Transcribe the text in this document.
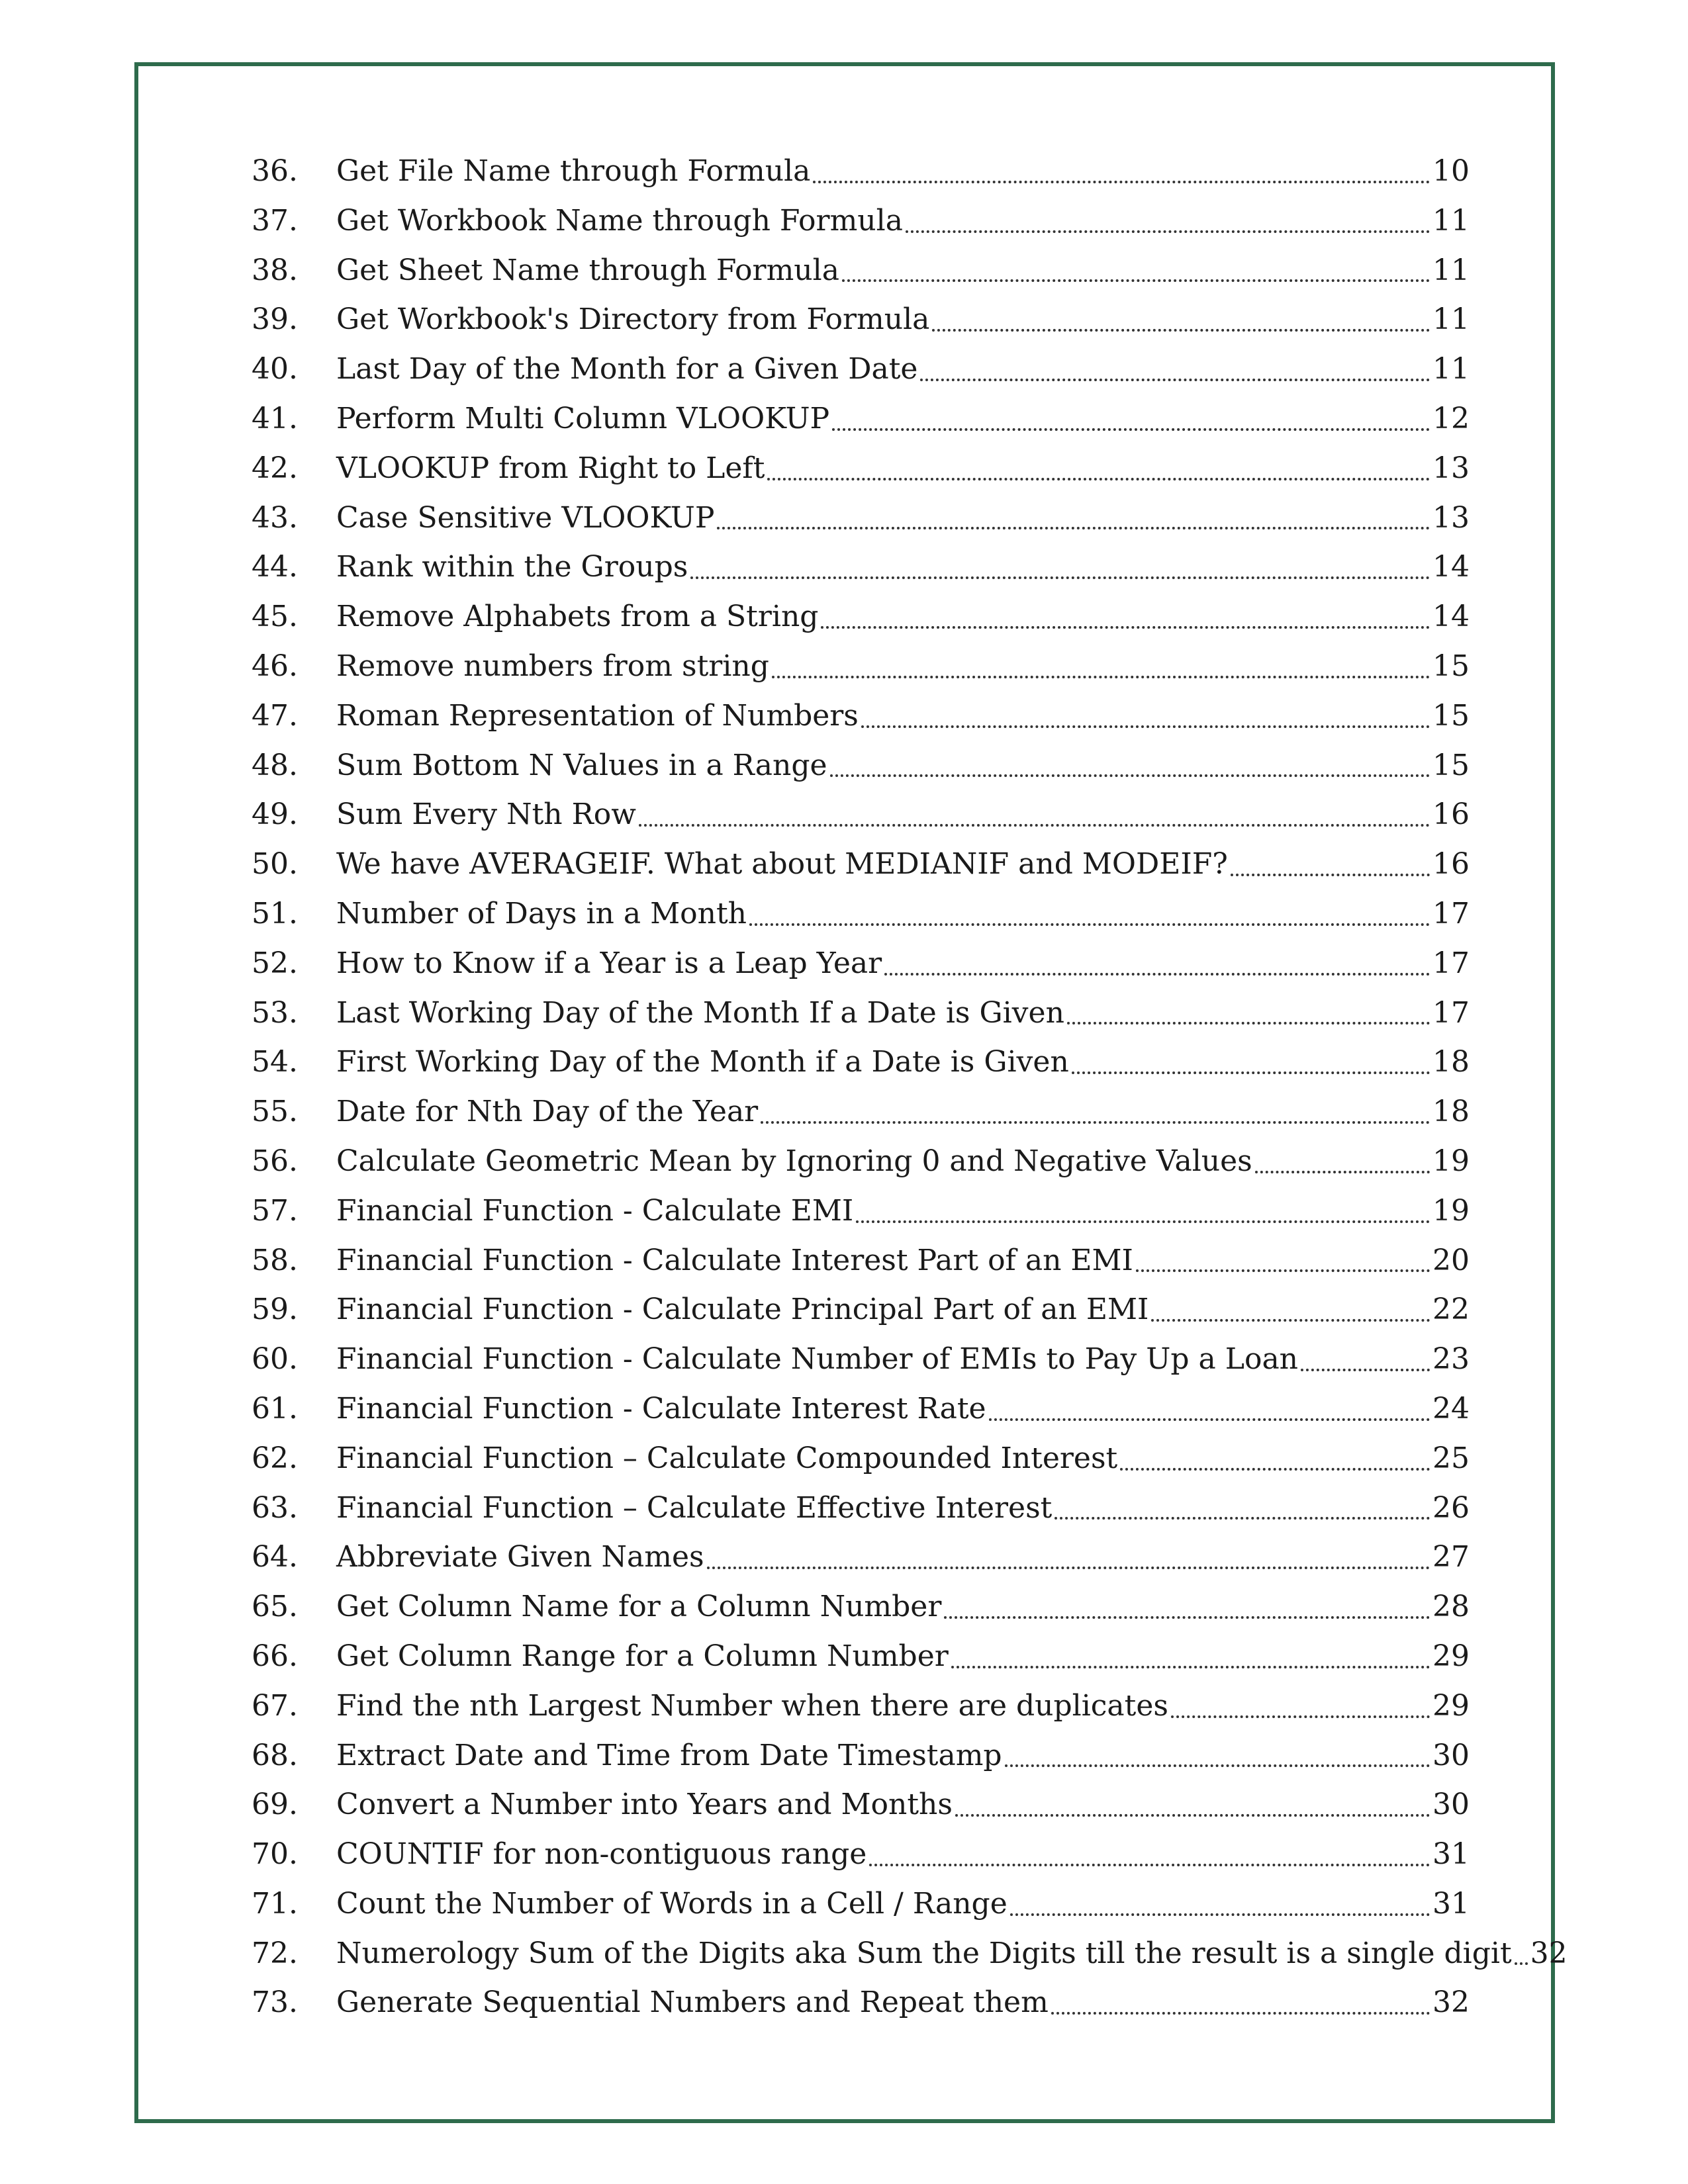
36.	Get File Name through Formula	10
37.	Get Workbook Name through Formula	11
38.	Get Sheet Name through Formula	11
39.	Get Workbook's Directory from Formula	11
40.	Last Day of the Month for a Given Date	11
41.	Perform Multi Column VLOOKUP	12
42.	VLOOKUP from Right to Left	13
43.	Case Sensitive VLOOKUP	13
44.	Rank within the Groups	14
45.	Remove Alphabets from a String	14
46.	Remove numbers from string	15
47.	Roman Representation of Numbers	15
48.	Sum Bottom N Values in a Range	15
49.	Sum Every Nth Row	16
50.	We have AVERAGEIF. What about MEDIANIF and MODEIF?	16
51.	Number of Days in a Month	17
52.	How to Know if a Year is a Leap Year	17
53.	Last Working Day of the Month If a Date is Given	17
54.	First Working Day of the Month if a Date is Given	18
55.	Date for Nth Day of the Year	18
56.	Calculate Geometric Mean by Ignoring 0 and Negative Values	19
57.	Financial Function - Calculate EMI	19
58.	Financial Function - Calculate Interest Part of an EMI	20
59.	Financial Function - Calculate Principal Part of an EMI	22
60.	Financial Function - Calculate Number of EMIs to Pay Up a Loan	23
61.	Financial Function - Calculate Interest Rate	24
62.	Financial Function – Calculate Compounded Interest	25
63.	Financial Function – Calculate Effective Interest	26
64.	Abbreviate Given Names	27
65.	Get Column Name for a Column Number	28
66.	Get Column Range for a Column Number	29
67.	Find the nth Largest Number when there are duplicates	29
68.	Extract Date and Time from Date Timestamp	30
69.	Convert a Number into Years and Months	30
70.	COUNTIF for non-contiguous range	31
71.	Count the Number of Words in a Cell / Range	31
72.	Numerology Sum of the Digits aka Sum the Digits till the result is a single digit 32
73.	Generate Sequential Numbers and Repeat them	32
